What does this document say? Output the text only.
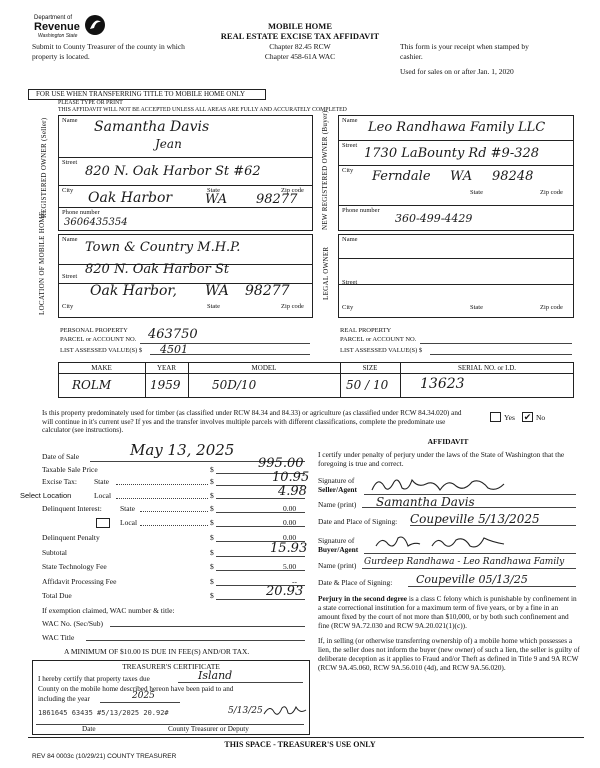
Department of
Revenue
Washington State
MOBILE HOME
REAL ESTATE EXCISE TAX AFFIDAVIT
Chapter 82.45 RCW
Chapter 458-61A WAC
Submit to County Treasurer of the county in which property is located.
This form is your receipt when stamped by cashier.
Used for sales on or after Jan. 1, 2020
FOR USE WHEN TRANSFERRING TITLE TO MOBILE HOME ONLY
PLEASE TYPE OR PRINT
THIS AFFIDAVIT WILL NOT BE ACCEPTED UNLESS ALL AREAS ARE FULLY AND ACCURATELY COMPLETED
REGISTERED OWNER (Seller) Name Samantha Davis
Jean
Street
820 N. Oak Harbor St #62
City	State	Zip code
Oak Harbor	WA 98277
Phone number
3606435354	NEW REGISTERED OWNER (Buyer) Name Leo Randhawa Family LLC
Street
1730 LaBounty Rd #9-328
City Ferndale WA 98248
State	Zip code
Phone number
360-499-4429
LOCATION OF MOBILE HOME Name
Town & Country M.H.P.
820 N. Oak Harbor St
Street
Oak Harbor, WA 98277
City	State	Zip code
LEGAL OWNER
Name
Street
City	State	Zip code
PERSONAL PROPERTY
PARCEL or ACCOUNT NO. 463750
LIST ASSESSED VALUE(S) $ 4501
REAL PROPERTY
PARCEL or ACCOUNT NO.
LIST ASSESSED VALUE(S) $
MAKE	YEAR	MODEL	SIZE	SERIAL NO. or I.D.
ROLM	1959	50D/10	50 / 10 13623
Is this property predominately used for timber (as classified under RCW 84.34 and 84.33) or agriculture (as classified under RCW 84.34.020) and will continue in it's current use? If yes and the transfer involves multiple parcels with different classifications, complete the predominate use calculator (see instructions).
Yes ✔ No
Date of Sale	May 13, 2025
Taxable Sale Price	$	995.00
Excise Tax: State	$	10.95
Select Location	Local	$	4.98
Delinquent Interest: State	$	0.00
Local	$	0.00
Delinquent Penalty	$	0.00
Subtotal	$	15.93
State Technology Fee	$	5.00
Affidavit Processing Fee	$	--
Total Due	$	20.93
If exemption claimed, WAC number & title:
WAC No. (Sec/Sub)
WAC Title
A MINIMUM OF $10.00 IS DUE IN FEE(S) AND/OR TAX.
TREASURER'S CERTIFICATE
I hereby certify that property taxes due	Island
County on the mobile home described hereon have been paid to and
including the year	2025
1861645 63435 #5/13/2025 20.92#	5/13/25
Date	County Treasurer or Deputy
AFFIDAVIT
I certify under penalty of perjury under the laws of the State of Washington that the foregoing is true and correct.
Signature of
Seller/Agent
Name (print) Samantha Davis
Date and Place of Signing: Coupeville 5/13/2025
Signature of
Buyer/Agent
Name (print) Gurdeep Randhawa - Leo Randhawa Family
Date & Place of Signing: Coupeville 05/13/25
Perjury in the second degree is a class C felony which is punishable by confinement in a state correctional institution for a maximum term of five years, or by a fine in an amount fixed by the court of not more than $10,000, or by both such confinement and fine (RCW 9A.72.030 and RCW 9A.20.021(1)(c)).
If, in selling (or otherwise transferring ownership of) a mobile home which possesses a lien, the seller does not inform the buyer (new owner) of such a lien, the seller is guilty of deliberate deception as it applies to Fraud and/or Theft as defined in Title 9 and 9A RCW (RCW 9A.45.060, RCW 9A.56.010 (4d), and RCW 9A.56.020).
THIS SPACE - TREASURER'S USE ONLY
REV 84 0003c (10/29/21) COUNTY TREASURER
